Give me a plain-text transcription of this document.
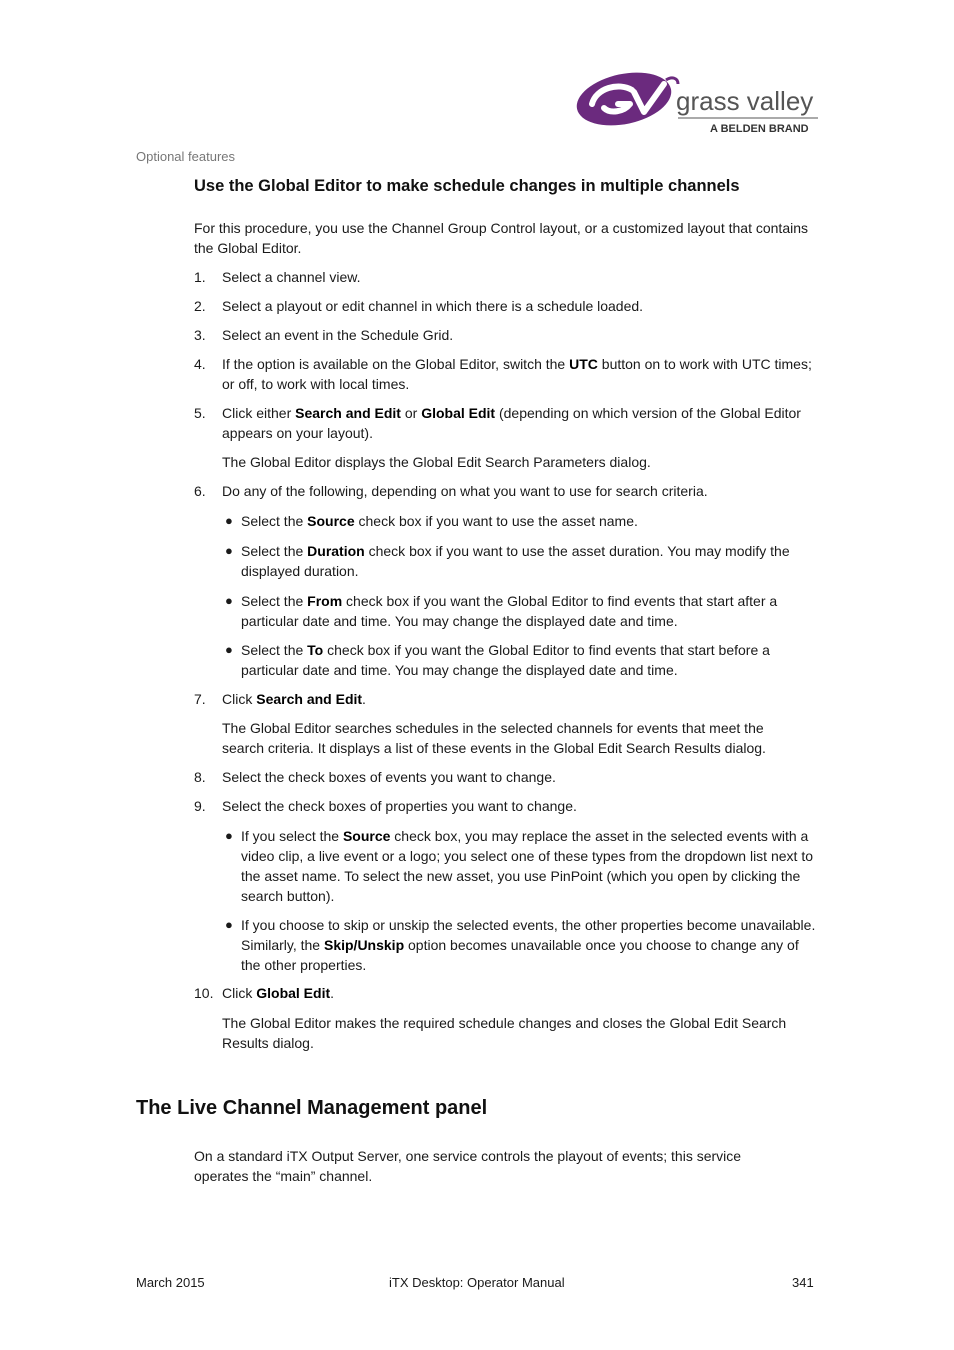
grass valley
A BELDEN BRAND
Optional features
Use the Global Editor to make schedule changes in multiple channels

For this procedure, you use the Channel Group Control layout, or a customized layout that contains the Global Editor.

1. Select a channel view.

2. Select a playout or edit channel in which there is a schedule loaded.

3. Select an event in the Schedule Grid.

4. If the option is available on the Global Editor, switch the UTC button on to work with UTC times; or off, to work with local times.

5. Click either Search and Edit or Global Edit (depending on which version of the Global Editor appears on your layout).

The Global Editor displays the Global Edit Search Parameters dialog.

6. Do any of the following, depending on what you want to use for search criteria.

● Select the Source check box if you want to use the asset name.

● Select the Duration check box if you want to use the asset duration. You may modify the displayed duration.

● Select the From check box if you want the Global Editor to find events that start after a particular date and time. You may change the displayed date and time.

● Select the To check box if you want the Global Editor to find events that start before a particular date and time. You may change the displayed date and time.

7. Click Search and Edit.

The Global Editor searches schedules in the selected channels for events that meet the search criteria. It displays a list of these events in the Global Edit Search Results dialog.

8. Select the check boxes of events you want to change.

9. Select the check boxes of properties you want to change.

● If you select the Source check box, you may replace the asset in the selected events with a video clip, a live event or a logo; you select one of these types from the dropdown list next to the asset name. To select the new asset, you use PinPoint (which you open by clicking the search button).

● If you choose to skip or unskip the selected events, the other properties become unavailable. Similarly, the Skip/Unskip option becomes unavailable once you choose to change any of the other properties.

10. Click Global Edit.

The Global Editor makes the required schedule changes and closes the Global Edit Search Results dialog.

The Live Channel Management panel

On a standard iTX Output Server, one service controls the playout of events; this service operates the “main” channel.

March 2015	iTX Desktop: Operator Manual	341
